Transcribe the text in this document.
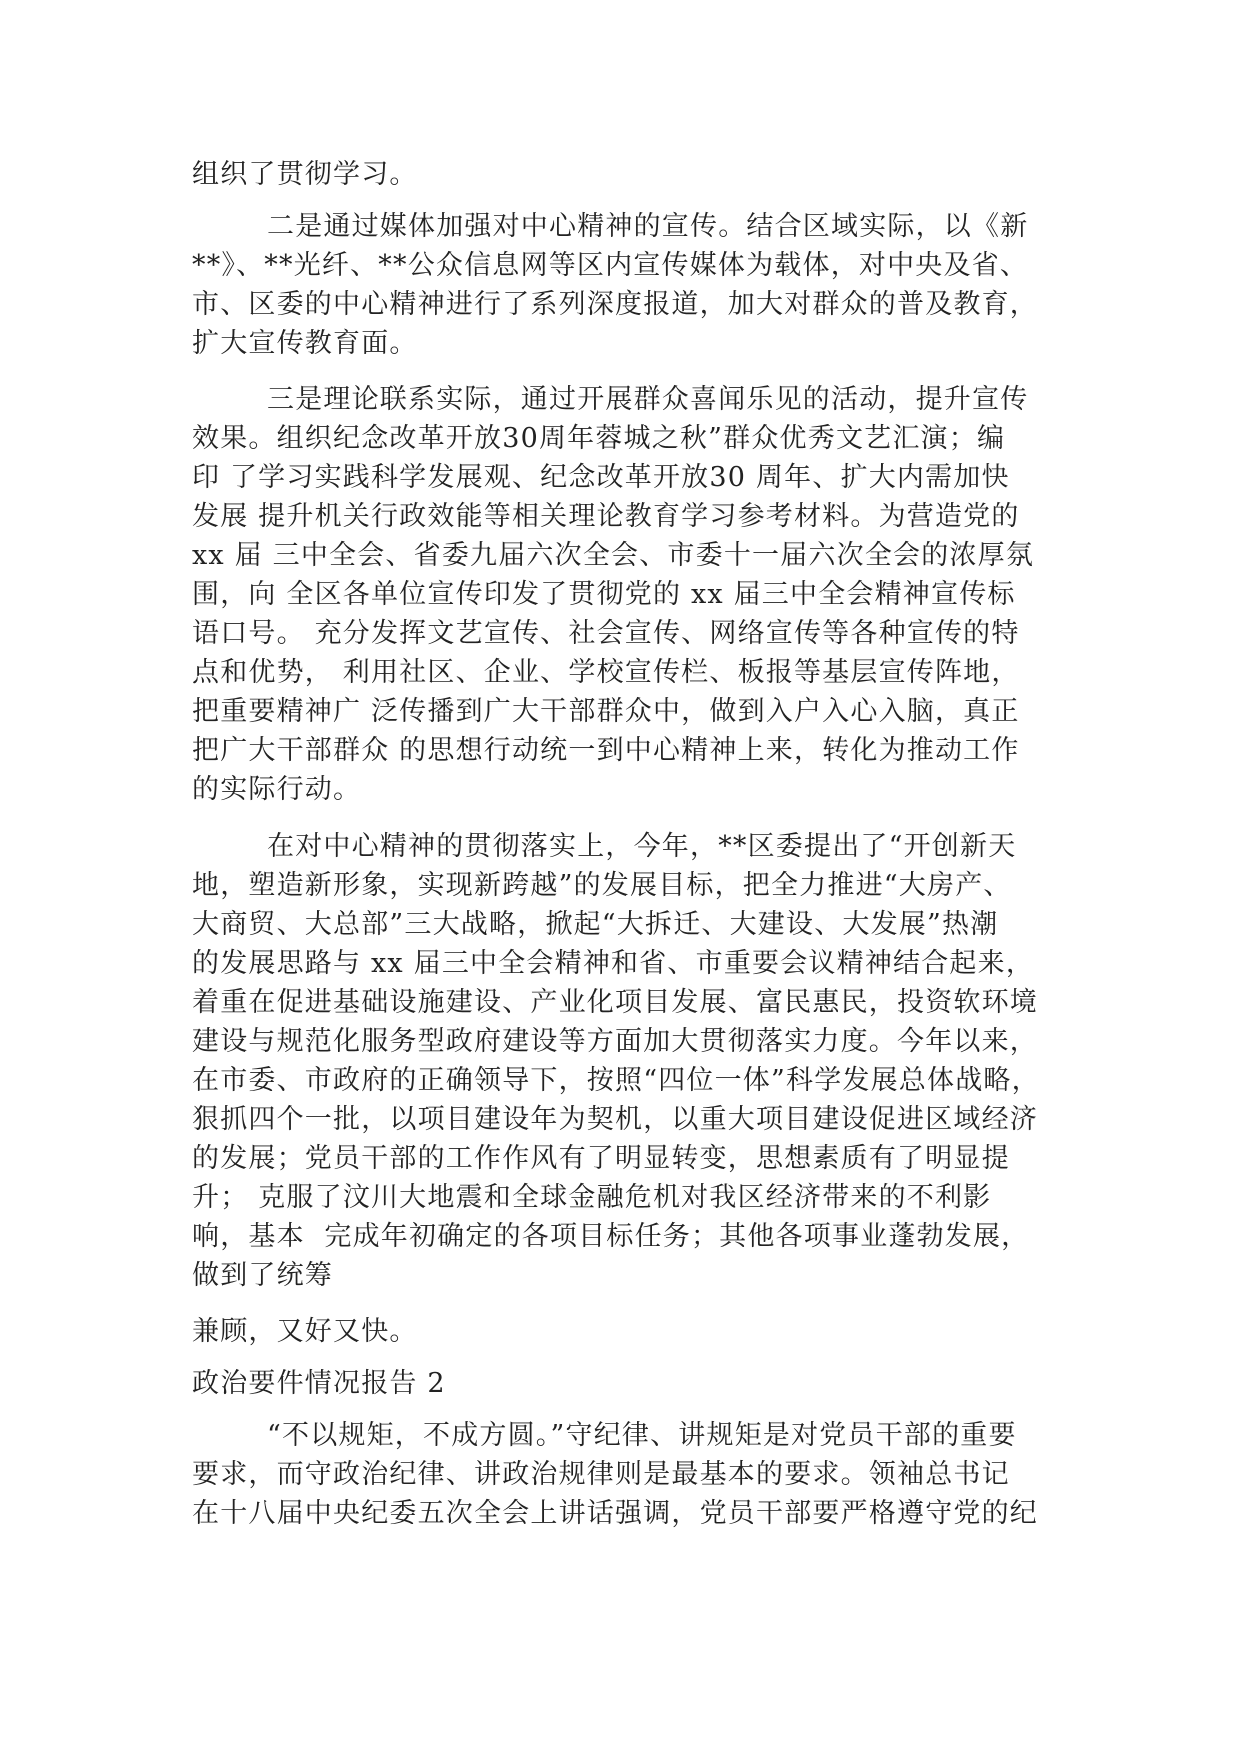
组织了贯彻学习。
二是通过媒体加强对中心精神的宣传。结合区域实际，以《新
**》、**光纤、**公众信息网等区内宣传媒体为载体，对中央及省、
市、区委的中心精神进行了系列深度报道，加大对群众的普及教育，
扩大宣传教育面。
三是理论联系实际，通过开展群众喜闻乐见的活动，提升宣传
效果。组织纪念改革开放30周年蓉城之秋”群众优秀文艺汇演；编
印 了学习实践科学发展观、纪念改革开放30 周年、扩大内需加快
发展 提升机关行政效能等相关理论教育学习参考材料。为营造党的
xx 届 三中全会、省委九届六次全会、市委十一届六次全会的浓厚氛
围，向 全区各单位宣传印发了贯彻党的 xx 届三中全会精神宣传标
语口号。 充分发挥文艺宣传、社会宣传、网络宣传等各种宣传的特
点和优势， 利用社区、企业、学校宣传栏、板报等基层宣传阵地，
把重要精神广 泛传播到广大干部群众中，做到入户入心入脑，真正
把广大干部群众 的思想行动统一到中心精神上来，转化为推动工作
的实际行动。
在对中心精神的贯彻落实上，今年，**区委提出了“开创新天
地，塑造新形象，实现新跨越”的发展目标，把全力推进“大房产、
大商贸、大总部”三大战略，掀起“大拆迁、大建设、大发展”热潮
的发展思路与 xx 届三中全会精神和省、市重要会议精神结合起来，
着重在促进基础设施建设、产业化项目发展、富民惠民，投资软环境
建设与规范化服务型政府建设等方面加大贯彻落实力度。今年以来，
在市委、市政府的正确领导下，按照“四位一体”科学发展总体战略，
狠抓四个一批，以项目建设年为契机，以重大项目建设促进区域经济
的发展；党员干部的工作作风有了明显转变，思想素质有了明显提
升； 克服了汶川大地震和全球金融危机对我区经济带来的不利影
响，基本  完成年初确定的各项目标任务；其他各项事业蓬勃发展，
做到了统筹
兼顾，又好又快。
政治要件情况报告 2
“不以规矩，不成方圆。”守纪律、讲规矩是对党员干部的重要
要求，而守政治纪律、讲政治规律则是最基本的要求。领袖总书记
在十八届中央纪委五次全会上讲话强调，党员干部要严格遵守党的纪
